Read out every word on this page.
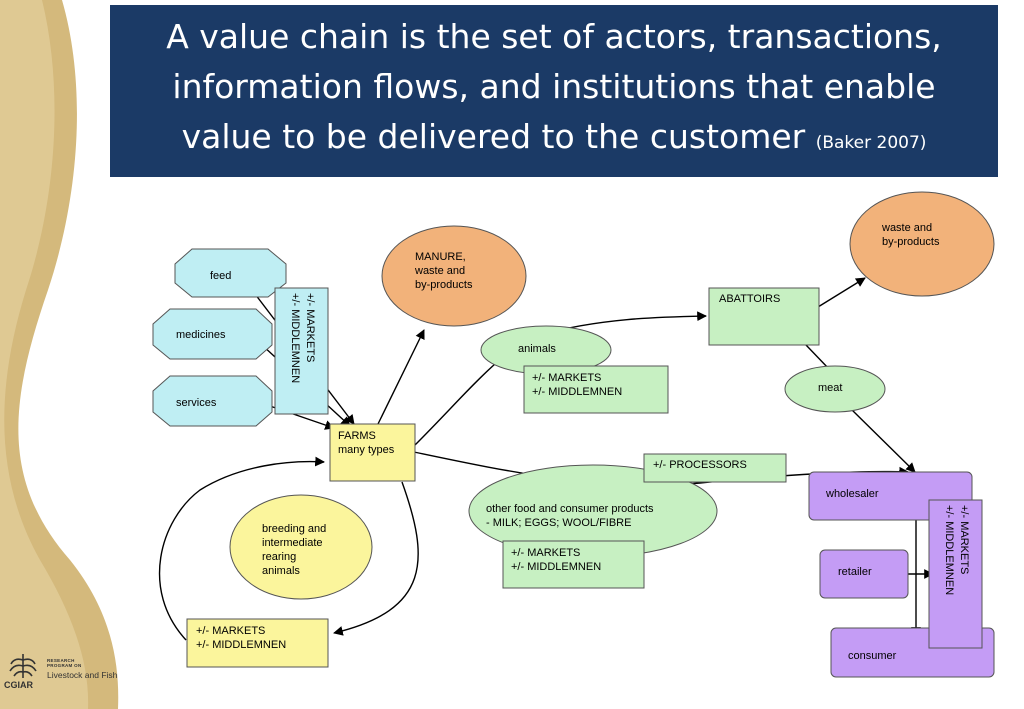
feed
medicines
services
+/- MARKETS
+/- MIDDLEMNEN
MANURE,
waste and
by-products
FARMS
many types
animals
+/- MARKETS
+/- MIDDLEMNEN
ABATTOIRS
waste and
by-products
meat
other food and consumer products
- MILK; EGGS; WOOL/FIBRE
+/- PROCESSORS
+/- MARKETS
+/- MIDDLEMNEN
breeding and
intermediate
rearing
animals
+/- MARKETS
+/- MIDDLEMNEN
wholesaler
retailer
consumer
+/- MARKETS
+/- MIDDLEMNEN
A value chain is the set of actors, transactions,
information flows, and institutions that enable
value to be delivered to the customer (Baker 2007)
RESEARCH
PROGRAM ON
Livestock and Fish
CGIAR
